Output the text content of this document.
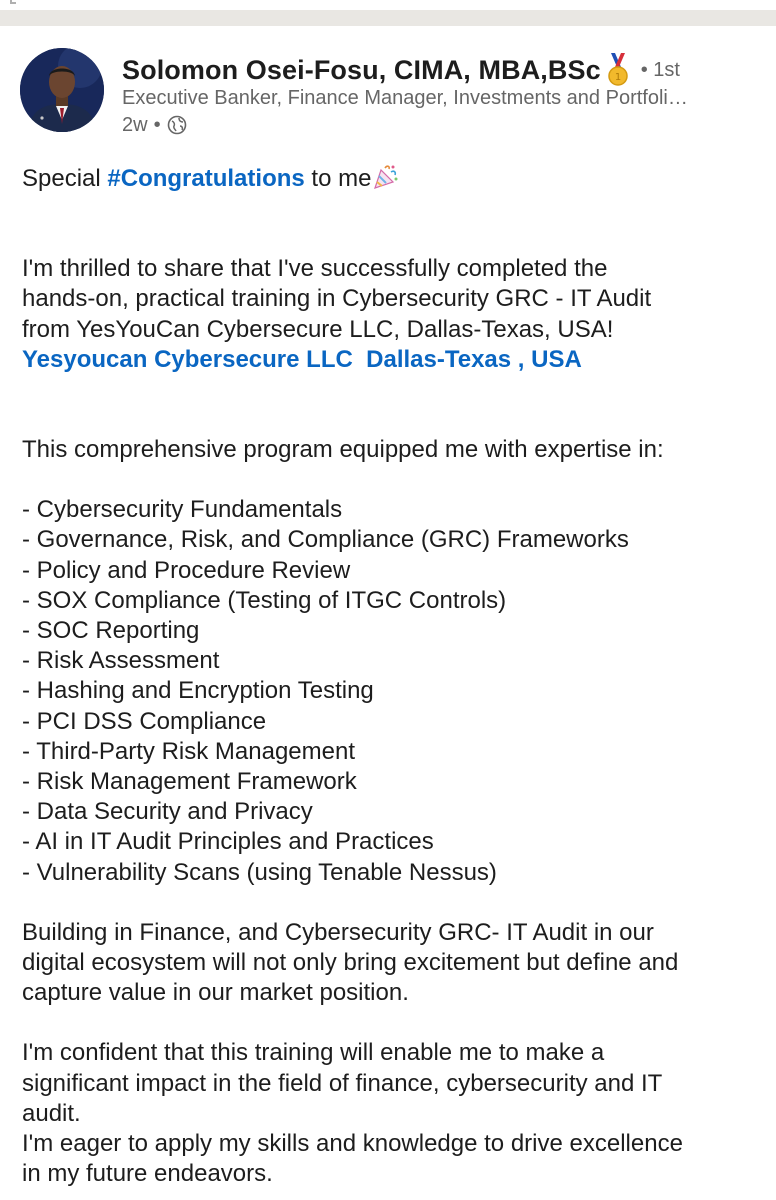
Solomon Osei-Fosu, CIMA, MBA,BSc 1 • 1st
Executive Banker, Finance Manager, Investments and Portfoli…
2w •

Special #Congratulations to me

I'm thrilled to share that I've successfully completed the

hands-on, practical training in Cybersecurity GRC - IT Audit

from YesYouCan Cybersecure LLC, Dallas-Texas, USA!

Yesyoucan Cybersecure LLC  Dallas-Texas , USA

This comprehensive program equipped me with expertise in:

- Cybersecurity Fundamentals

- Governance, Risk, and Compliance (GRC) Frameworks

- Policy and Procedure Review

- SOX Compliance (Testing of ITGC Controls)

- SOC Reporting

- Risk Assessment

- Hashing and Encryption Testing

- PCI DSS Compliance

- Third-Party Risk Management

- Risk Management Framework

- Data Security and Privacy

- AI in IT Audit Principles and Practices

- Vulnerability Scans (using Tenable Nessus)

Building in Finance, and Cybersecurity GRC- IT Audit in our

digital ecosystem will not only bring excitement but define and

capture value in our market position.

I'm confident that this training will enable me to make a

significant impact in the field of finance, cybersecurity and IT

audit.

I'm eager to apply my skills and knowledge to drive excellence

in my future endeavors.
